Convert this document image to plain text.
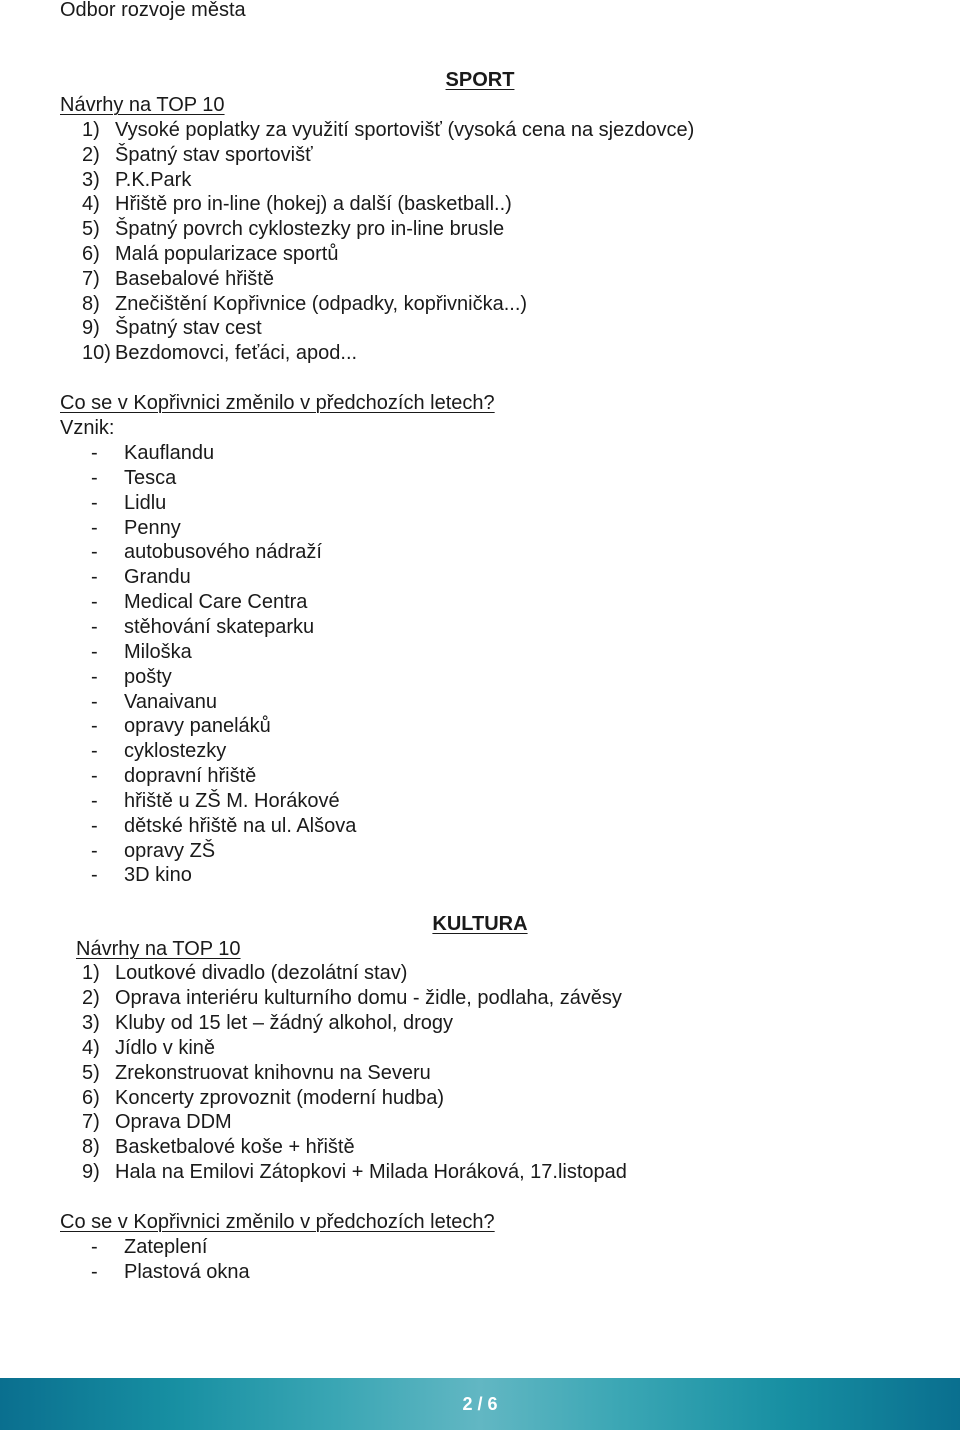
Odbor rozvoje města
SPORT
Návrhy na TOP 10
1) Vysoké poplatky za využití sportovišť (vysoká cena na sjezdovce)
2) Špatný stav sportovišť
3) P.K.Park
4) Hřiště pro in-line (hokej) a další (basketball..)
5) Špatný povrch cyklostezky pro in-line brusle
6) Malá popularizace sportů
7) Basebalové hřiště
8) Znečištění Kopřivnice (odpadky, kopřivnička...)
9) Špatný stav cest
10) Bezdomovci, feťáci, apod...
Co se v Kopřivnici změnilo v předchozích letech?
Vznik:
- Kauflandu
- Tesca
- Lidlu
- Penny
- autobusového nádraží
- Grandu
- Medical Care Centra
- stěhování skateparku
- Miloška
- pošty
- Vanaivanu
- opravy paneláků
- cyklostezky
- dopravní hřiště
- hřiště u ZŠ M. Horákové
- dětské hřiště na ul. Alšova
- opravy ZŠ
- 3D kino
KULTURA
Návrhy na TOP 10
1) Loutkové divadlo (dezolátní stav)
2) Oprava interiéru kulturního domu - židle, podlaha, závěsy
3) Kluby od 15 let – žádný alkohol, drogy
4) Jídlo v kině
5) Zrekonstruovat knihovnu na Severu
6) Koncerty zprovoznit (moderní hudba)
7) Oprava DDM
8) Basketbalové koše + hřiště
9) Hala na Emilovi Zátopkovi + Milada Horáková, 17.listopad
Co se v Kopřivnici změnilo v předchozích letech?
- Zateplení
- Plastová okna
2 / 6
